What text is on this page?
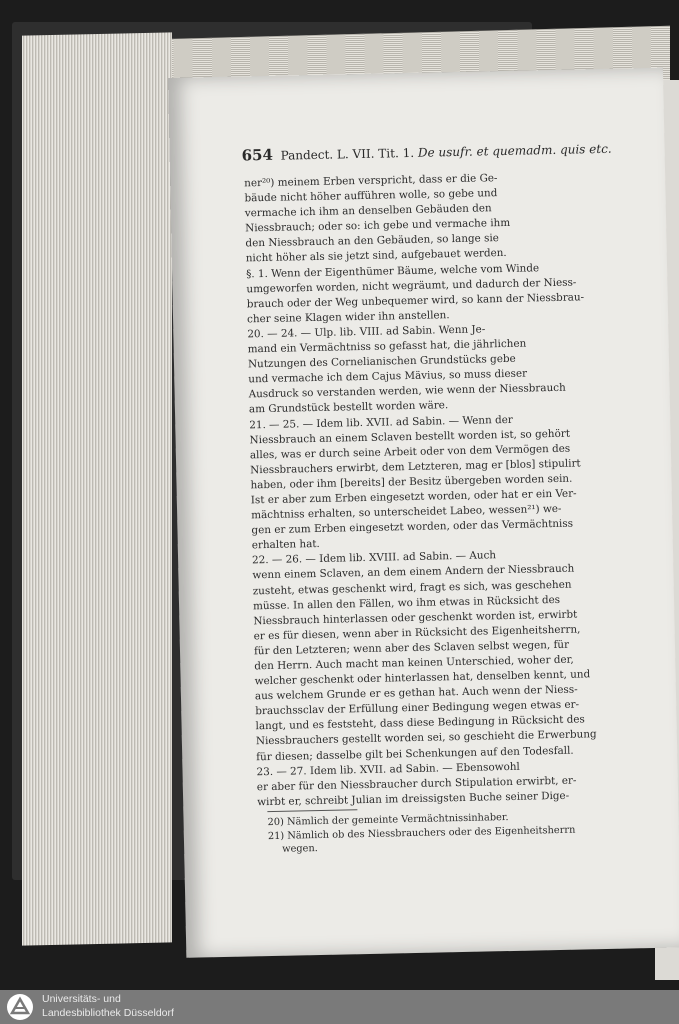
654 Pandect. L. VII. Tit. 1. De usufr. et quemadm. quis etc.

ner²⁰) meinem Erben verspricht, dass er die Ge-

bäude nicht höher aufführen wolle, so gebe und

vermache ich ihm an denselben Gebäuden den

Niessbrauch; oder so: ich gebe und vermache ihm

den Niessbrauch an den Gebäuden, so lange sie

nicht höher als sie jetzt sind, aufgebauet werden.

§. 1. Wenn der Eigenthümer Bäume, welche vom Winde

umgeworfen worden, nicht wegräumt, und dadurch der Niess-

brauch oder der Weg unbequemer wird, so kann der Niessbrau-

cher seine Klagen wider ihn anstellen.

20. — 24. — Ulp. lib. VIII. ad Sabin. Wenn Je-

mand ein Vermächtniss so gefasst hat, die jährlichen

Nutzungen des Cornelianischen Grundstücks gebe

und vermache ich dem Cajus Mävius, so muss dieser

Ausdruck so verstanden werden, wie wenn der Niessbrauch

am Grundstück bestellt worden wäre.

21. — 25. — Idem lib. XVII. ad Sabin. — Wenn der

Niessbrauch an einem Sclaven bestellt worden ist, so gehört

alles, was er durch seine Arbeit oder von dem Vermögen des

Niessbrauchers erwirbt, dem Letzteren, mag er [blos] stipulirt

haben, oder ihm [bereits] der Besitz übergeben worden sein.

Ist er aber zum Erben eingesetzt worden, oder hat er ein Ver-

mächtniss erhalten, so unterscheidet Labeo, wessen²¹) we-

gen er zum Erben eingesetzt worden, oder das Vermächtniss

erhalten hat.

22. — 26. — Idem lib. XVIII. ad Sabin. — Auch

wenn einem Sclaven, an dem einem Andern der Niessbrauch

zusteht, etwas geschenkt wird, fragt es sich, was geschehen

müsse. In allen den Fällen, wo ihm etwas in Rücksicht des

Niessbrauch hinterlassen oder geschenkt worden ist, erwirbt

er es für diesen, wenn aber in Rücksicht des Eigenheitsherrn,

für den Letzteren; wenn aber des Sclaven selbst wegen, für

den Herrn. Auch macht man keinen Unterschied, woher der,

welcher geschenkt oder hinterlassen hat, denselben kennt, und

aus welchem Grunde er es gethan hat. Auch wenn der Niess-

brauchssclav der Erfüllung einer Bedingung wegen etwas er-

langt, und es feststeht, dass diese Bedingung in Rücksicht des

Niessbrauchers gestellt worden sei, so geschieht die Erwerbung

für diesen; dasselbe gilt bei Schenkungen auf den Todesfall.

23. — 27. Idem lib. XVII. ad Sabin. — Ebensowohl

er aber für den Niessbraucher durch Stipulation erwirbt, er-

wirbt er, schreibt Julian im dreissigsten Buche seiner Dige-

20) Nämlich der gemeinte Vermächtnissinhaber.
21) Nämlich ob des Niessbrauchers oder des Eigenheitsherrn
wegen.
Universitäts- und
Landesbibliothek Düsseldorf
